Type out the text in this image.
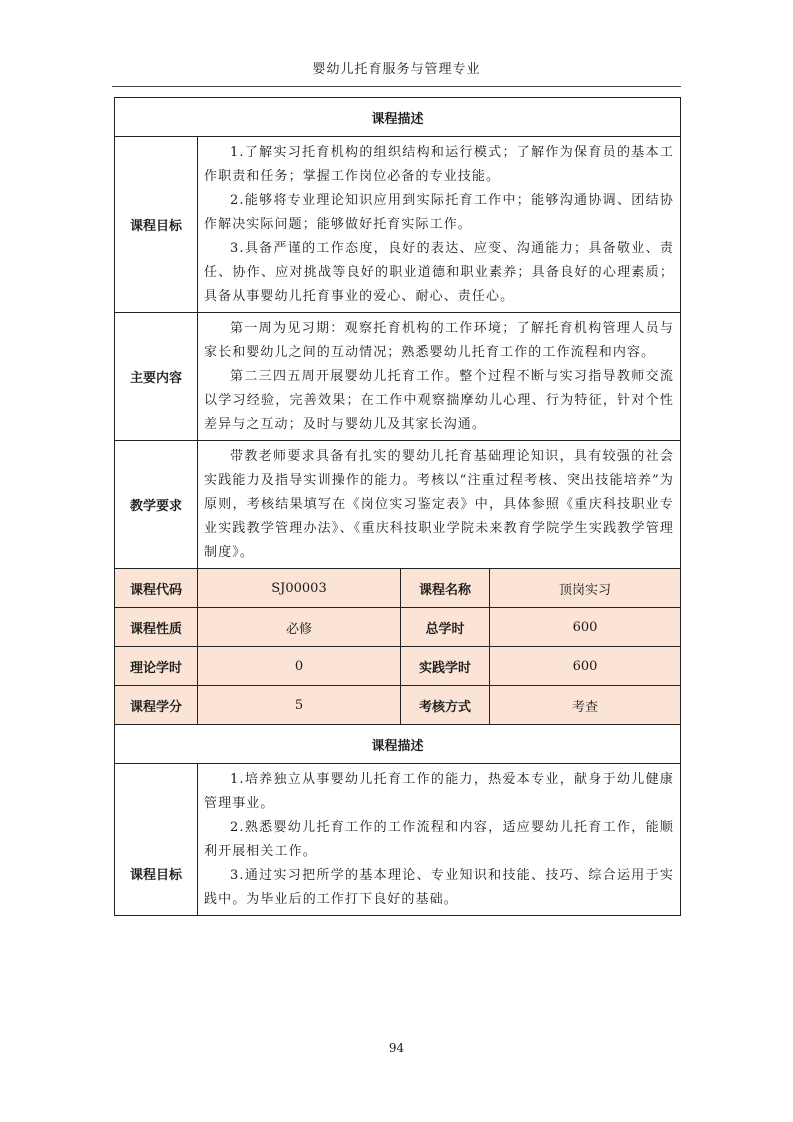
婴幼儿托育服务与管理专业
课程描述			
课程目标	1.了解实习托育机构的组织结构和运行模式；了解作为保育员的基本工作职责和任务；掌握工作岗位必备的专业技能。

2.能够将专业理论知识应用到实际托育工作中；能够沟通协调、团结协作解决实际问题；能够做好托育实际工作。

3.具备严谨的工作态度，良好的表达、应变、沟通能力；具备敬业、责任、协作、应对挑战等良好的职业道德和职业素养；具备良好的心理素质；具备从事婴幼儿托育事业的爱心、耐心、责任心。		

主要内容	第一周为见习期：观察托育机构的工作环境；了解托育机构管理人员与家长和婴幼儿之间的互动情况；熟悉婴幼儿托育工作的工作流程和内容。

第二三四五周开展婴幼儿托育工作。整个过程不断与实习指导教师交流以学习经验，完善效果；在工作中观察揣摩幼儿心理、行为特征，针对个性差异与之互动；及时与婴幼儿及其家长沟通。		

教学要求	带教老师要求具备有扎实的婴幼儿托育基础理论知识，具有较强的社会实践能力及指导实训操作的能力。考核以“注重过程考核、突出技能培养”为原则，考核结果填写在《岗位实习鉴定表》中，具体参照《重庆科技职业专业实践教学管理办法》、《重庆科技职业学院未来教育学院学生实践教学管理制度》。		

课程代码	SJ00003	课程名称	顶岗实习
课程性质	必修	总学时	600
理论学时	0	实践学时	600
课程学分	5	考核方式	考查
课程描述			
课程目标	1.培养独立从事婴幼儿托育工作的能力，热爱本专业，献身于幼儿健康管理事业。

2.熟悉婴幼儿托育工作的工作流程和内容，适应婴幼儿托育工作，能顺利开展相关工作。

3.通过实习把所学的基本理论、专业知识和技能、技巧、综合运用于实践中。为毕业后的工作打下良好的基础。		

94
